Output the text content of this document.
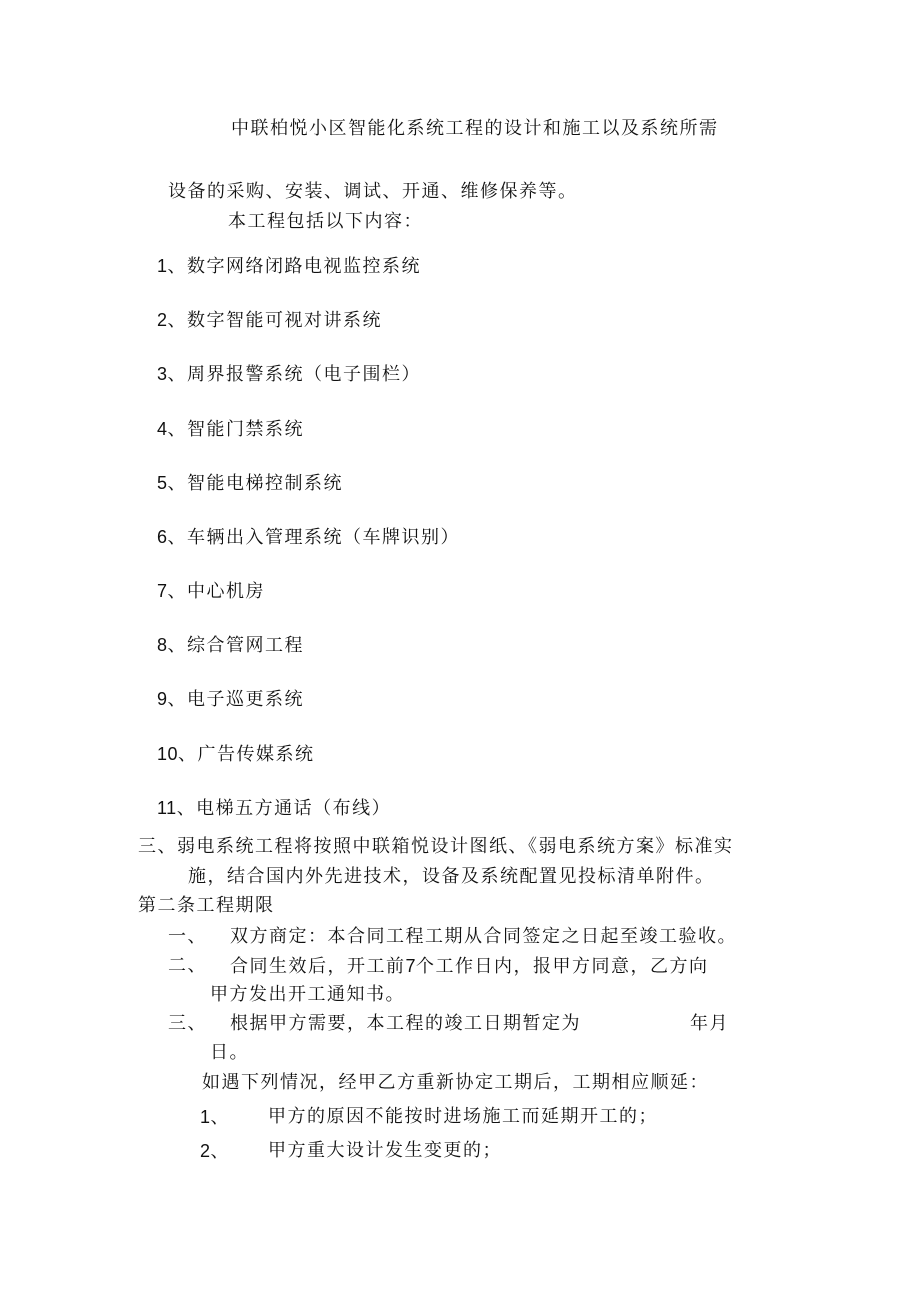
中联柏悦小区智能化系统工程的设计和施工以及系统所需
设备的采购、安装、调试、开通、维修保养等。
本工程包括以下内容：
1、数字网络闭路电视监控系统
2、数字智能可视对讲系统
3、周界报警系统（电子围栏）
4、智能门禁系统
5、智能电梯控制系统
6、车辆出入管理系统（车牌识别）
7、中心机房
8、综合管网工程
9、电子巡更系统
10、广告传媒系统
11、电梯五方通话（布线）
三、弱电系统工程将按照中联箱悦设计图纸、《弱电系统方案》标准实
施，结合国内外先进技术，设备及系统配置见投标清单附件。
第二条工程期限
一、 双方商定：本合同工程工期从合同签定之日起至竣工验收。
二、 合同生效后，开工前7个工作日内，报甲方同意，乙方向
甲方发出开工通知书。
三、 根据甲方需要，本工程的竣工日期暂定为	年月
日。
如遇下列情况，经甲乙方重新协定工期后，工期相应顺延：
1、 甲方的原因不能按时进场施工而延期开工的；
2、 甲方重大设计发生变更的；
